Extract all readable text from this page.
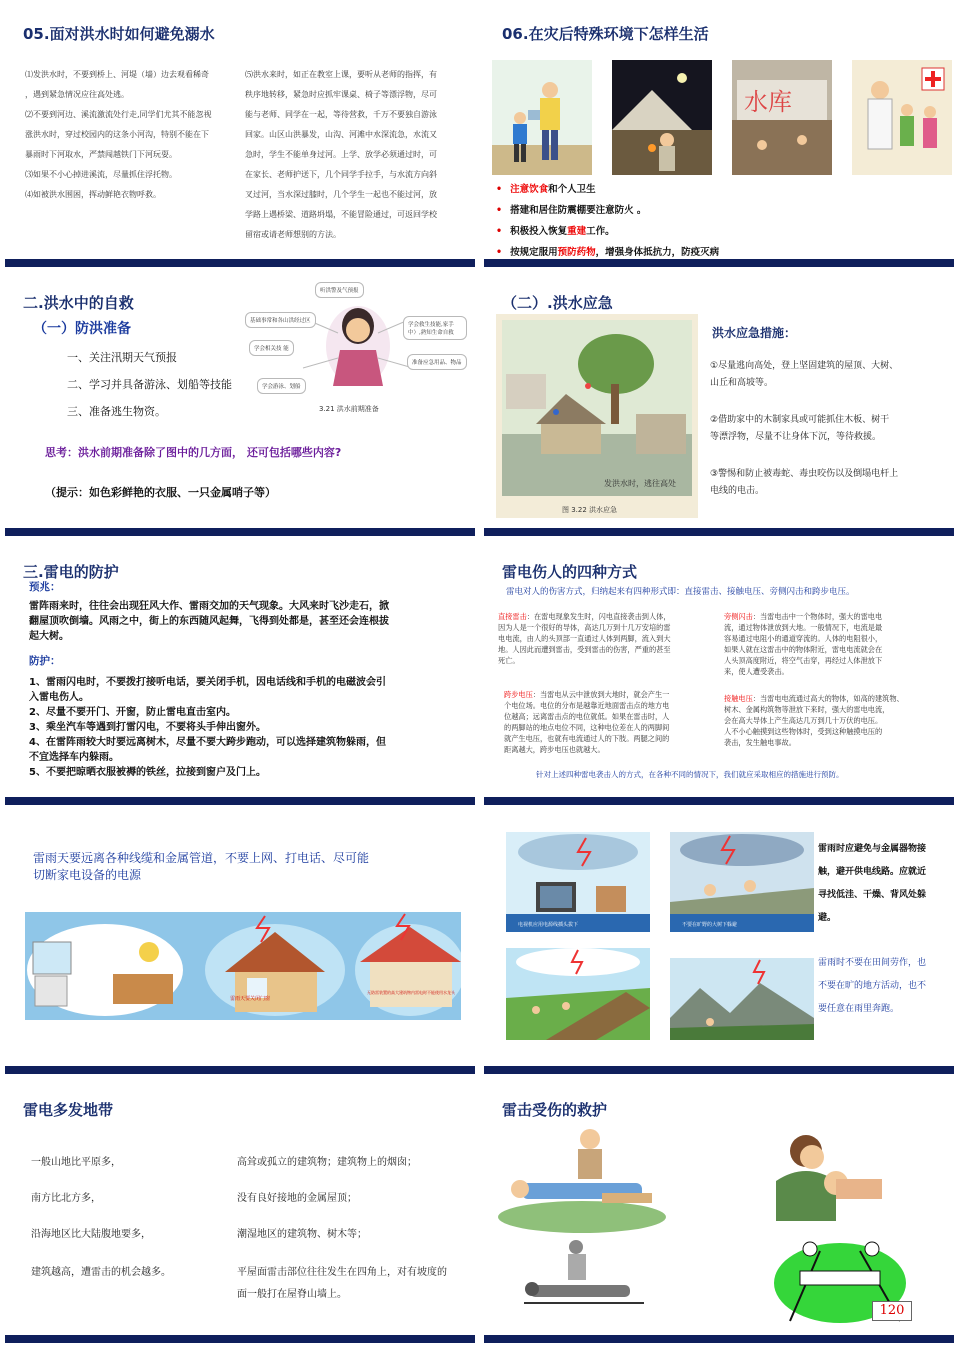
05.面对洪水时如何避免溺水
⑴发洪水时，不要到桥上、河堤（墙）边去观看稀奇
，遇到紧急情况应往高处逃。
⑵不要到河边、溪流激流处行走,同学们尤其不能忽视
涨洪水时，穿过校园内的这条小河沟，特别不能在下
暴雨时下河取水，严禁闯越铁门下河玩耍。
⑶如果不小心掉进溪流，尽量抓住浮托物。
⑷如被洪水围困，挥动鲜艳衣物呼救。
⑸洪水来时，如正在教室上课，要听从老师的指挥，有
秩序地转移，紧急时应抓牢课桌、椅子等漂浮物，尽可
能与老师、同学在一起，等待营救，千万不要独自游泳
回家。山区山洪暴发，山沟、河滩中水深流急，水流又
急时，学生不能单身过河。上学、放学必须通过时，可
在家长、老师护送下，几个同学手拉手，与水流方向斜
叉过河，当水深过膝时，几个学生一起也不能过河，放
学路上遇桥梁、道路坍塌，不能冒险通过，可返回学校
留宿或请老师想别的方法。
06.在灾后特殊环境下怎样生活
水库
• 注意饮食和个人卫生
• 搭建和居住防震棚要注意防火 。
• 积极投入恢复重建工作。
• 按规定服用预防药物，增强身体抵抗力，防疫灭病
二.洪水中的自救
（一）防洪准备
一、关注汛期天气预报
二、学习并具备游泳、划船等技能
三、准备逃生物资。
听洪警及气预报
基础事常和各山洪经过区
学会相关技 能
学会救生技能,家手中）,熟知生命自救
准备应急用品、物品
学会游泳、划船
3.21 洪水前期准备
思考：洪水前期准备除了图中的几方面， 还可包括哪些内容?
（提示：如色彩鲜艳的衣服、一只金属哨子等）
（二）.洪水应急
发洪水时，逃往高处
图 3.22 洪水应急
洪水应急措施：
①尽量逃向高处，登上坚固建筑的屋顶、大树、
山丘和高坡等。
②借助家中的木制家具或可能抓住木板、树干
等漂浮物，尽量不让身体下沉，等待救援。
③警惕和防止被毒蛇、毒虫咬伤以及倒塌电杆上
电线的电击。
三.雷电的防护
预兆：
雷阵雨来时，往往会出现狂风大作、雷雨交加的天气现象。大风来时飞沙走石，掀
翻屋顶吹倒墙。风雨之中，街上的东西随风起舞，飞得到处都是，甚至还会连根拔
起大树。
防护：
1、雷雨闪电时，不要拨打接听电话，要关闭手机，因电话线和手机的电磁波会引
入雷电伤人。
2、尽量不要开门、开窗，防止雷电直击室内。
3、乘坐汽车等遇到打雷闪电，不要将头手伸出窗外。
4、在雷阵雨较大时要远离树木，尽量不要大跨步跑动，可以选择建筑物躲雨，但
不宜选择车内躲雨。
5、不要把晾晒衣服被褥的铁丝，拉接到窗户及门上。
雷电伤人的四种方式
雷电对人的伤害方式，归纳起来有四种形式即：直接雷击、接触电压、旁侧闪击和跨步电压。
直接雷击：在雷电现象发生时，闪电直接袭击到人体，
因为人是一个很好的导体，高达几万到十几万安培的雷
电电流，由人的头顶部一直通过人体到两脚，流入到大
地。人因此而遭到雷击，受到雷击的伤害，严重的甚至
死亡。
旁侧闪击：当雷电击中一个物体时，强大的雷电电
流，通过物体泄放到大地。一般情况下，电流是最
容易通过电阻小的通道穿流的。人体的电阻很小，
如果人就在这雷击中的物体附近，雷电电流就会在
人头顶高度附近，将空气击穿，再经过人体泄放下
来，使人遭受袭击。
跨步电压：当雷电从云中泄放到大地时，就会产生一
个电位场。电位的分布是越靠近地面雷击点的地方电
位越高；远离雷击点的电位就低。如果在雷击时，人
的两脚站的地点电位不同，这种电位差在人的两脚间
就产生电压，也就有电流通过人的下肢。两腿之间的
距离越大，跨步电压也就越大。
接触电压：当雷电电流通过高大的物体，如高的建筑物、
树木、金属构筑物等泄放下来时，强大的雷电电流，
会在高大导体上产生高达几万到几十万伏的电压。
人不小心触摸到这些物体时，受到这种触摸电压的
袭击，发生触电事故。
针对上述四种雷电袭击人的方式，在各种不同的情况下，我们就应采取相应的措施进行预防。
雷雨天要远离各种线缆和金属管道，不要上网、打电话、尽可能
切断家电设备的电源
雷雨天要关闭门窗
无防雷装置的高大建筑物内雷电时不能使用水龙头
电视机应用电源线插头拔下	不要在旷野的大树下躲避
雷雨时应避免与金属器物接
触，避开供电线路。应就近
寻找低洼、干燥、背风处躲
避。
雷雨时不要在田间劳作，也
不要在旷的地方活动，也不
要任意在雨里奔跑。
雷电多发地带
一般山地比平原多，
南方比北方多，
沿海地区比大陆腹地要多，
建筑越高，遭雷击的机会越多。
高耸或孤立的建筑物；建筑物上的烟囱；
没有良好接地的金属屋顶；
潮湿地区的建筑物、树木等；
平屋面雷击部位往往发生在四角上，对有坡度的
面一般打在屋脊山墙上。
雷击受伤的救护
120
